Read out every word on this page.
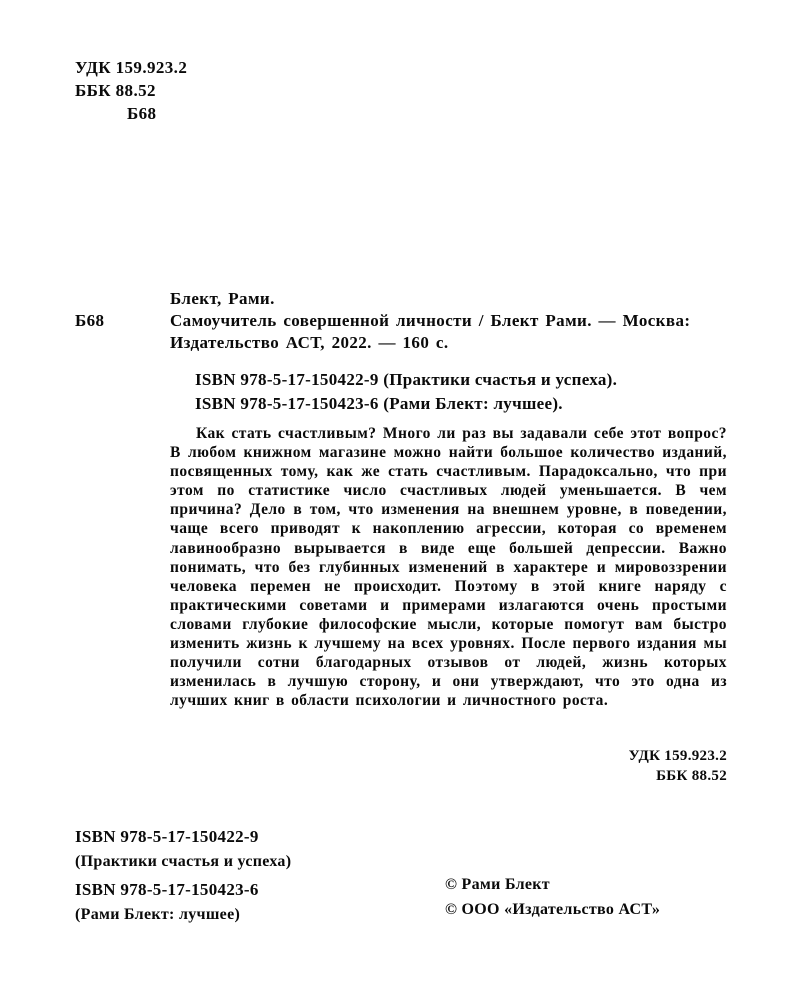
УДК 159.923.2
ББК 88.52
Б68
Б68
Блект, Рами.
Самоучитель совершенной личности / Блект Рами. — Москва: Издательство АСТ, 2022. — 160 с.
ISBN 978-5-17-150422-9 (Практики счастья и успеха).
ISBN 978-5-17-150423-6 (Рами Блект: лучшее).

Как стать счастливым? Много ли раз вы задавали себе этот вопрос? В любом книжном магазине можно найти большое количество изданий, посвященных тому, как же стать счастливым. Парадоксально, что при этом по статистике число счастливых людей уменьшается. В чем причина? Дело в том, что изменения на внешнем уровне, в поведении, чаще всего приводят к накоплению агрессии, которая со временем лавинообразно вырывается в виде еще большей депрессии. Важно понимать, что без глубинных изменений в характере и мировоззрении человека перемен не происходит. Поэтому в этой книге наряду с практическими советами и примерами излагаются очень простыми словами глубокие философские мысли, которые помогут вам быстро изменить жизнь к лучшему на всех уровнях. После первого издания мы получили сотни благодарных отзывов от людей, жизнь которых изменилась в лучшую сторону, и они утверждают, что это одна из лучших книг в области психологии и личностного роста.

УДК 159.923.2
ББК 88.52
ISBN 978-5-17-150422-9
(Практики счастья и успеха)
ISBN 978-5-17-150423-6
(Рами Блект: лучшее)
© Рами Блект
© ООО «Издательство АСТ»
